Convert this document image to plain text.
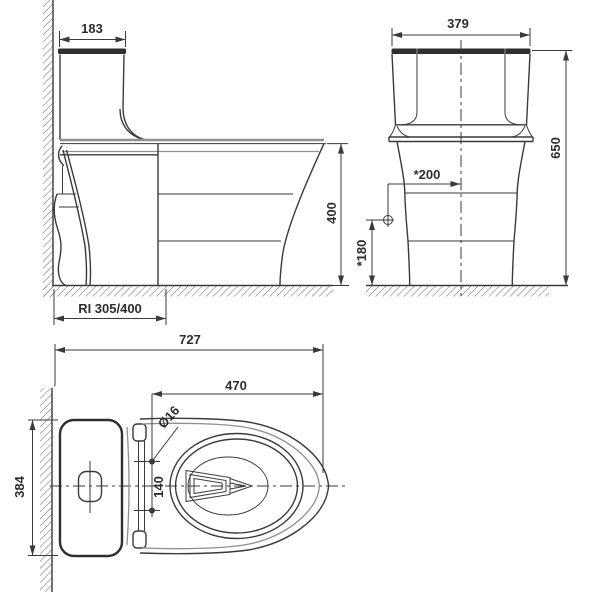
183
400
RI 305/400
379
650
*200
*180
727
470
Ø16
140
384
